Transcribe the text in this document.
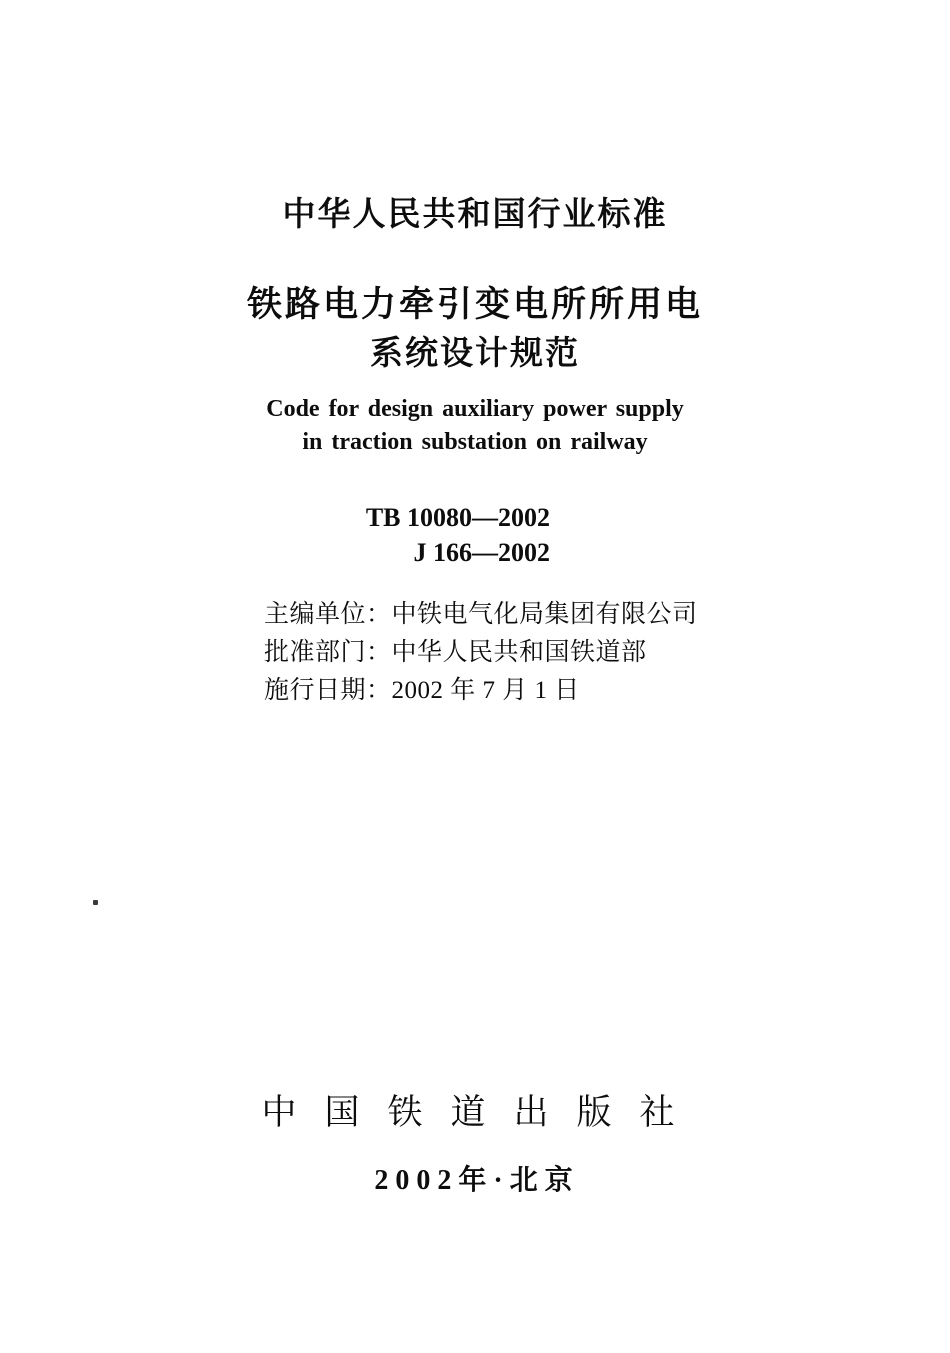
中华人民共和国行业标准
铁路电力牵引变电所所用电
系统设计规范
Code for design auxiliary power supply
in traction substation on railway
TB 10080—2002
J 166—2002
主编单位：中铁电气化局集团有限公司
批准部门：中华人民共和国铁道部
施行日期：2002 年 7 月 1 日
中国铁道出版社
2002年·北京
